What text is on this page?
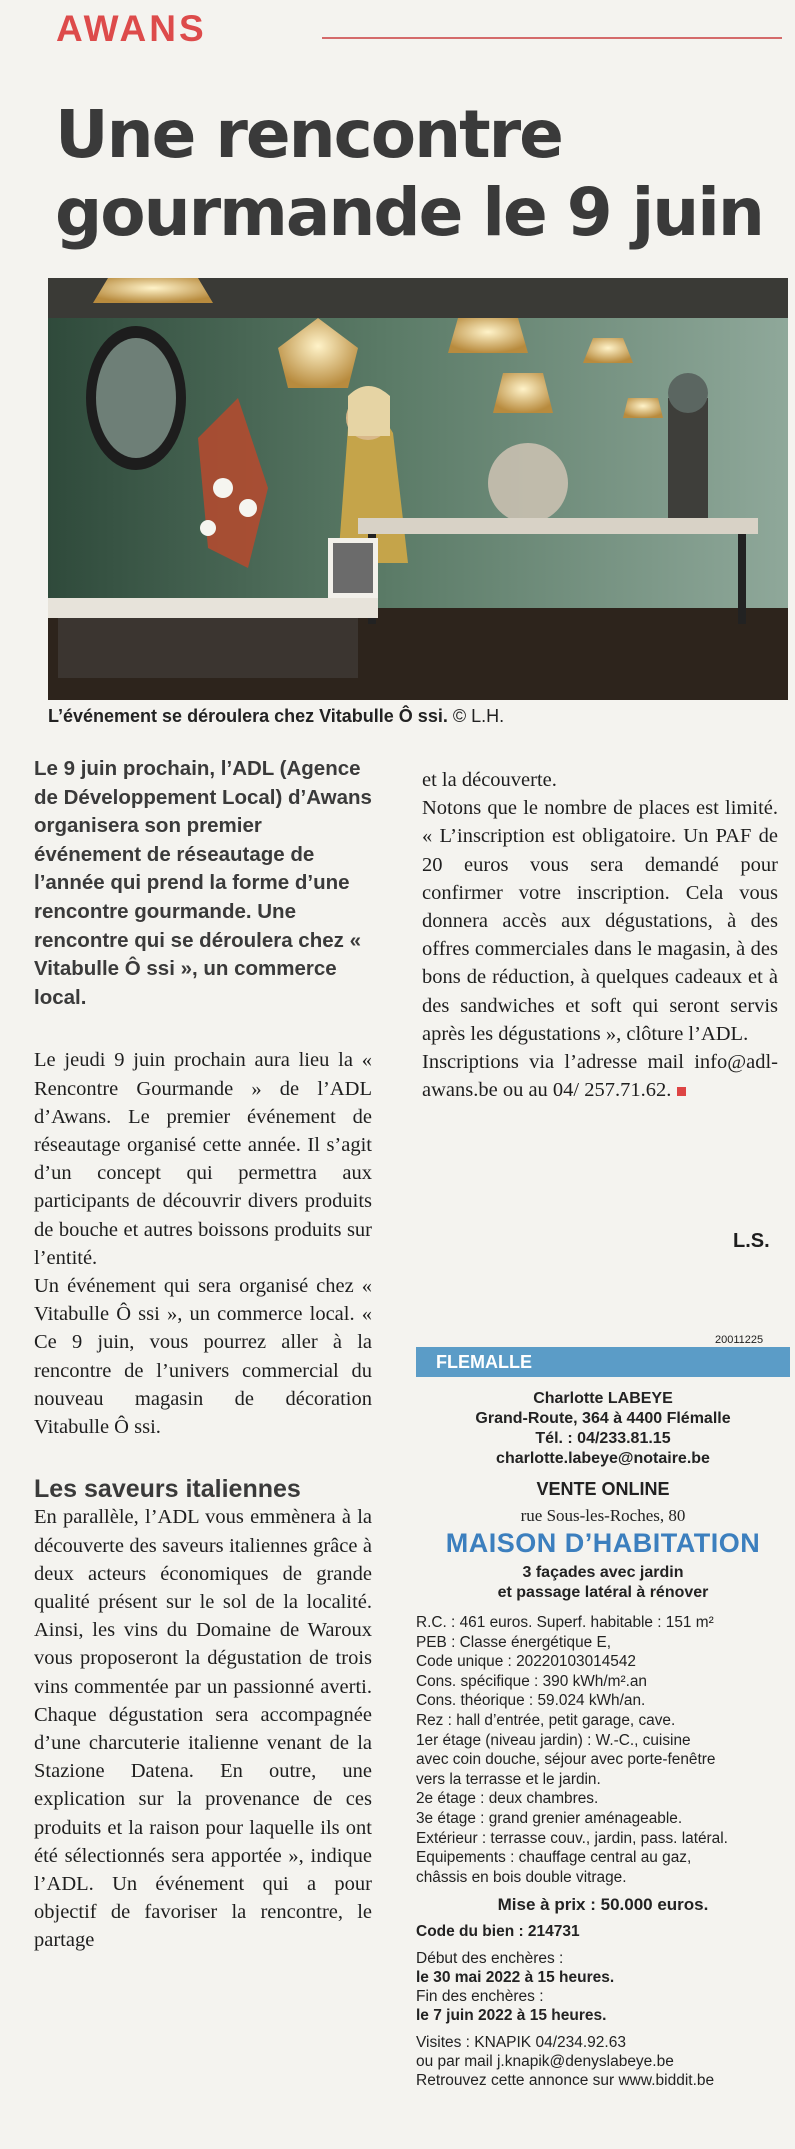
AWANS
Une rencontre
gourmande le 9 juin
L’événement se déroulera chez Vitabulle Ô ssi. © L.H.

Le 9 juin prochain, l’ADL (Agence de Développement Local) d’Awans organisera son premier événement de réseautage de l’année qui prend la forme d’une rencontre gourmande. Une rencontre qui se déroulera chez « Vitabulle Ô ssi », un commerce local.

Le jeudi 9 juin prochain aura lieu la « Rencontre Gourmande » de l’ADL d’Awans. Le premier événement de réseautage organisé cette année. Il s’agit d’un concept qui permettra aux participants de découvrir divers produits de bouche et autres boissons produits sur l’entité.

Un événement qui sera organisé chez « Vitabulle Ô ssi », un commerce local. « Ce 9 juin, vous pourrez aller à la rencontre de l’univers commercial du nouveau magasin de décoration Vitabulle Ô ssi.

Les saveurs italiennes

En parallèle, l’ADL vous emmènera à la découverte des saveurs italiennes grâce à deux acteurs économiques de grande qualité présent sur le sol de la localité. Ainsi, les vins du Domaine de Waroux vous proposeront la dégustation de trois vins commentée par un passionné averti. Chaque dégustation sera accompagnée d’une charcuterie italienne venant de la Stazione Datena. En outre, une explication sur la provenance de ces produits et la raison pour laquelle ils ont été sélectionnés sera apportée », indique l’ADL. Un événement qui a pour objectif de favoriser la rencontre, le partage

et la découverte.

Notons que le nombre de places est limité. « L’inscription est obligatoire. Un PAF de 20 euros vous sera demandé pour confirmer votre inscription. Cela vous donnera accès aux dégustations, à des offres commerciales dans le magasin, à des bons de réduction, à quelques cadeaux et à des sandwiches et soft qui seront servis après les dégustations », clôture l’ADL.

Inscriptions via l’adresse mail info@adl-awans.be ou au 04/ 257.71.62.

L.S.
20011225
FLEMALLE
Charlotte LABEYE
Grand-Route, 364 à 4400 Flémalle
Tél. : 04/233.81.15
charlotte.labeye@notaire.be
VENTE ONLINE
rue Sous-les-Roches, 80
MAISON D’HABITATION
3 façades avec jardin
et passage latéral à rénover
R.C. : 461 euros. Superf. habitable : 151 m²
PEB : Classe énergétique E,
Code unique : 20220103014542
Cons. spécifique : 390 kWh/m².an
Cons. théorique : 59.024 kWh/an.
Rez : hall d’entrée, petit garage, cave.
1er étage (niveau jardin) : W.-C., cuisine
avec coin douche, séjour avec porte-fenêtre
vers la terrasse et le jardin.
2e étage : deux chambres.
3e étage : grand grenier aménageable.
Extérieur : terrasse couv., jardin, pass. latéral.
Equipements : chauffage central au gaz,
châssis en bois double vitrage.
Mise à prix : 50.000 euros.
Code du bien : 214731
Début des enchères :
le 30 mai 2022 à 15 heures.
Fin des enchères :
le 7 juin 2022 à 15 heures.
Visites : KNAPIK 04/234.92.63
ou par mail j.knapik@denyslabeye.be
Retrouvez cette annonce sur www.biddit.be
